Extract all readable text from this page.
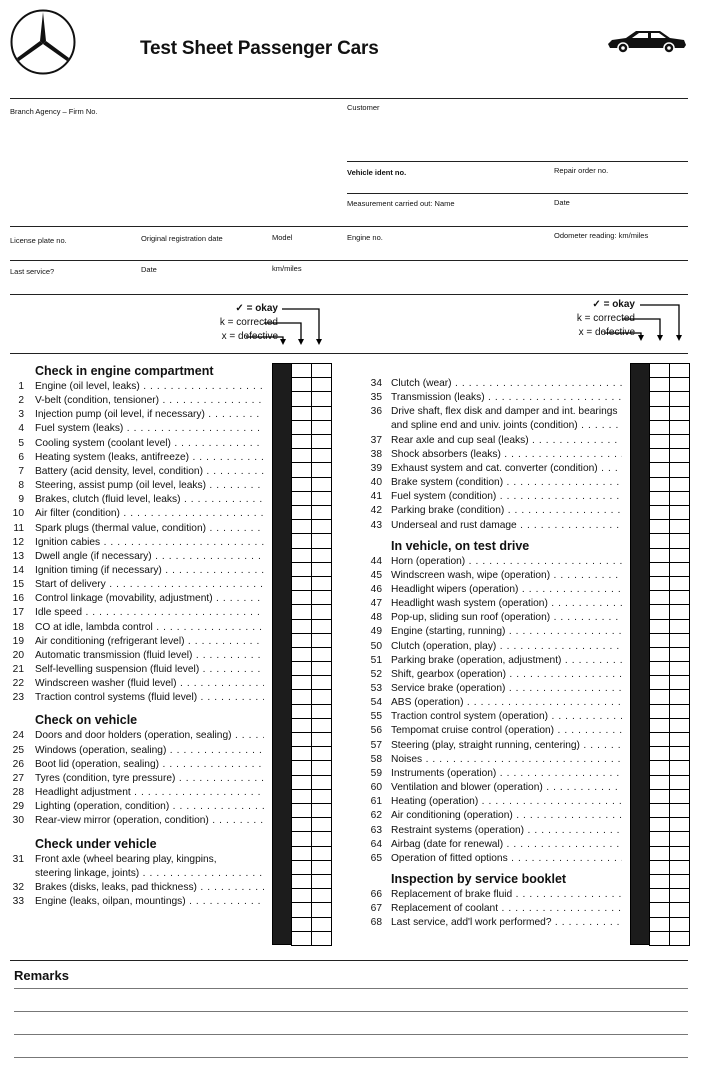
Test Sheet Passenger Cars
Branch Agency – Firm No.	Customer
Vehicle ident no.	Repair order no.
Measurement carried out: Name	Date
License plate no.	Original registration date	Model	Engine no.	Odometer reading: km/miles
Last service?	Date	km/miles
✓ = okay
k = corrected
x = defective
✓ = okay
k = corrected
x = defective
Check in engine compartment
1 Engine (oil level, leaks) . . .
2 V-belt (condition, tensioner) . . .
3 Injection pump (oil level, if necessary) . . .
4 Fuel system (leaks) . . .
5 Cooling system (coolant level) . . .
6 Heating system (leaks, antifreeze) . . .
7 Battery (acid density, level, condition) . . .
8 Steering, assist pump (oil level, leaks) . . .
9 Brakes, clutch (fluid level, leaks) . . .
10 Air filter (condition) . . .
11 Spark plugs (thermal value, condition) . . .
12 Ignition cabies . . .
13 Dwell angle (if necessary) . . .
14 Ignition timing (if necessary) . . .
15 Start of delivery . . .
16 Control linkage (movability, adjustment) . . .
17 Idle speed . . .
18 CO at idle, lambda control . . .
19 Air conditioning (refrigerant level) . . .
20 Automatic transmission (fluid level) . . .
21 Self-levelling suspension (fluid level) . . .
22 Windscreen washer (fluid level) . . .
23 Traction control systems (fluid level) . . .
Check on vehicle
24 Doors and door holders (operation, sealing) . . .
25 Windows (operation, sealing) . . .
26 Boot lid (operation, sealing) . . .
27 Tyres (condition, tyre pressure) . . .
28 Headlight adjustment . . .
29 Lighting (operation, condition) . . .
30 Rear-view mirror (operation, condition) . . .
Check under vehicle
31 Front axle (wheel bearing play, kingpins,
steering linkage, joints) . . .
32 Brakes (disks, leaks, pad thickness) . . .
33 Engine (leaks, oilpan, mountings) . . .
34 Clutch (wear) . . .
35 Transmission (leaks) . . .
36 Drive shaft, flex disk and damper and int. bearings
and spline end and univ. joints (condition) . . .
37 Rear axle and cup seal (leaks) . . .
38 Shock absorbers (leaks) . . .
39 Exhaust system and cat. converter (condition) . . .
40 Brake system (condition) . . .
41 Fuel system (condition) . . .
42 Parking brake (condition) . . .
43 Underseal and rust damage . . .
In vehicle, on test drive
44 Horn (operation) . . .
45 Windscreen wash, wipe (operation) . . .
46 Headlight wipers (operation) . . .
47 Headlight wash system (operation) . . .
48 Pop-up, sliding sun roof (operation) . . .
49 Engine (starting, running) . . .
50 Clutch (operation, play) . . .
51 Parking brake (operation, adjustment) . . .
52 Shift, gearbox (operation) . . .
53 Service brake (operation) . . .
54 ABS (operation) . . .
55 Traction control system (operation) . . .
56 Tempomat cruise control (operation) . . .
57 Steering (play, straight running, centering) . . .
58 Noises . . .
59 Instruments (operation) . . .
60 Ventilation and blower (operation) . . .
61 Heating (operation) . . .
62 Air conditioning (operation) . . .
63 Restraint systems (operation) . . .
64 Airbag (date for renewal) . . .
65 Operation of fitted options . . .
Inspection by service booklet
66 Replacement of brake fluid . . .
67 Replacement of coolant . . .
68 Last service, add'l work performed? . . .
Remarks
